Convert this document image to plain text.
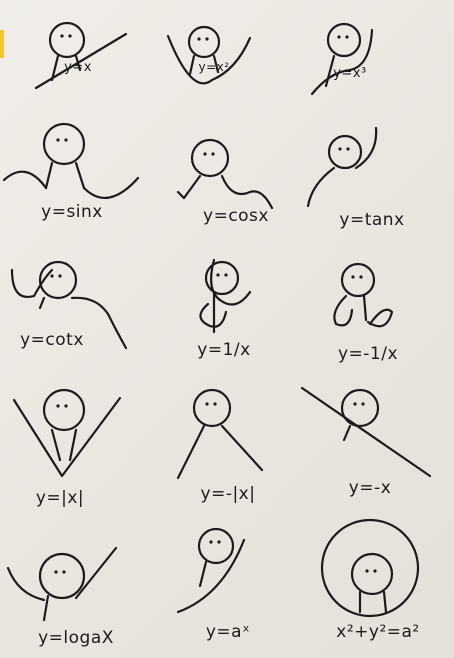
y=x	y=x²	y=x³
y=sinx	y=cosx	y=tanx
y=cotx	y=1/x	y=-1/x
y=|x|	y=-|x|	y=-x
y=logaX	y=aˣ	x²+y²=a²
